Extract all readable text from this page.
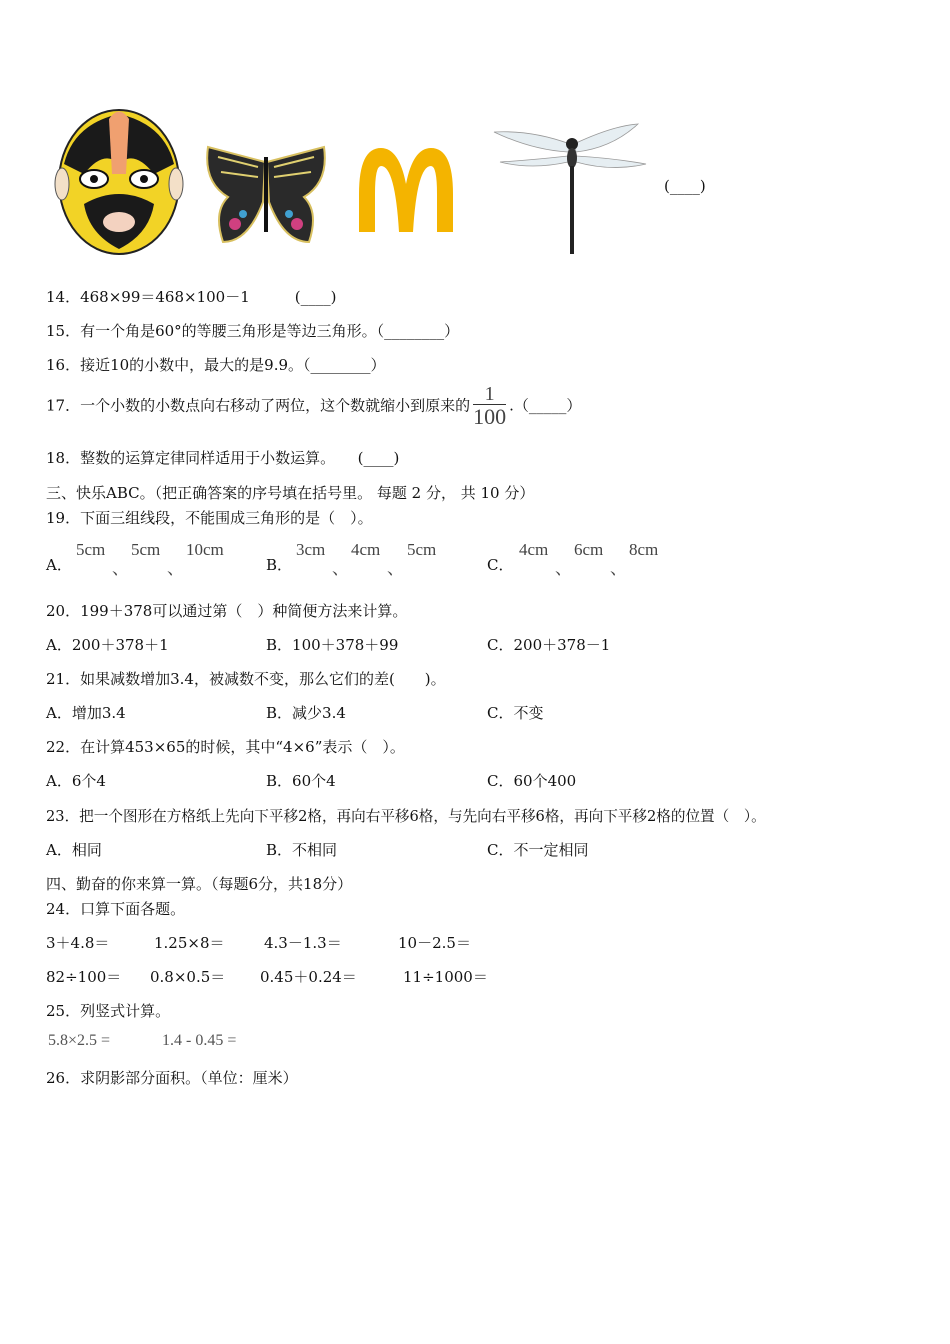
(____)
14．468×99＝468×100－1　　　(____)
15．有一个角是60°的等腰三角形是等边三角形。（________）
16．接近10的小数中，最大的是9.9。（________）
17．一个小数的小数点向右移动了两位，这个数就缩小到原来的 $\frac{1}{100}$ .（_____）
18．整数的运算定律同样适用于小数运算。　　(____)
三、快乐ABC。（把正确答案的序号填在括号里。 每题 2 分， 共 10 分）
19．下面三组线段，不能围成三角形的是（　）。
A．
5cm
、
5cm
、
10cm
B．
3cm
、
4cm
、
5cm
C．
4cm
、
6cm
、
8cm
20．199＋378可以通过第（　）种简便方法来计算。
A．200＋378＋1	B．100＋378＋99	C．200＋378－1
21．如果减数增加3.4，被减数不变，那么它们的差(　　)。
A．增加3.4	B．减少3.4	C．不变
22．在计算453×65的时候，其中“4×6”表示（　）。
A．6个4	B．60个4	C．60个400
23．把一个图形在方格纸上先向下平移2格，再向右平移6格，与先向右平移6格，再向下平移2格的位置（　）。
A．相同	B．不相同	C．不一定相同
四、勤奋的你来算一算。（每题6分，共18分）
24．口算下面各题。
3＋4.8＝	1.25×8＝	4.3－1.3＝	10－2.5＝
82÷100＝ 0.8×0.5＝ 0.45＋0.24＝	11÷1000＝
25．列竖式计算。
5.8×2.5 =	1.4 - 0.45 =
26．求阴影部分面积。（单位：厘米）
